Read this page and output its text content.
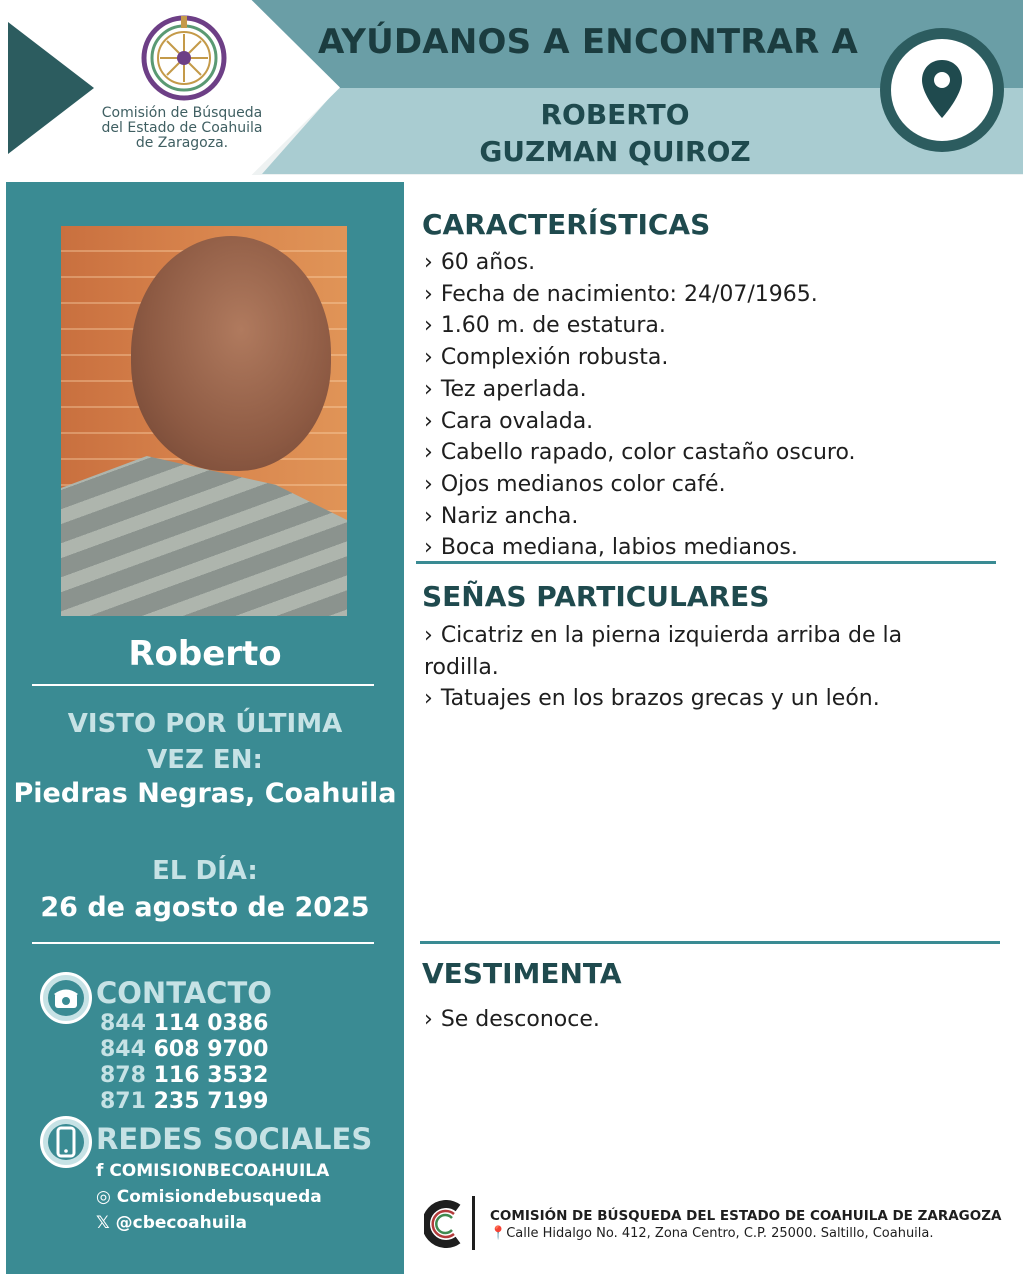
Comisión de Búsqueda
del Estado de Coahuila
de Zaragoza.
AYÚDANOS A ENCONTRAR A
ROBERTO
GUZMAN QUIROZ
Roberto
VISTO POR ÚLTIMA VEZ EN:
Piedras Negras, Coahuila
EL DÍA:
26 de agosto de 2025
CONTACTO
844 114 0386
844 608 9700
878 116 3532
871 235 7199
REDES SOCIALES
f COMISIONBECOAHUILA
◎ Comisiondebusqueda
𝕏 @cbecoahuila
CARACTERÍSTICAS
› 60 años.
› Fecha de nacimiento: 24/07/1965.
› 1.60 m. de estatura.
› Complexión robusta.
› Tez aperlada.
› Cara ovalada.
› Cabello rapado, color castaño oscuro.
› Ojos medianos color café.
› Nariz ancha.
› Boca mediana, labios medianos.
SEÑAS PARTICULARES
› Cicatriz en la pierna izquierda arriba de la rodilla.
› Tatuajes en los brazos grecas y un león.
VESTIMENTA
› Se desconoce.
COMISIÓN DE BÚSQUEDA DEL ESTADO DE COAHUILA DE ZARAGOZA
📍Calle Hidalgo No. 412, Zona Centro, C.P. 25000. Saltillo, Coahuila.
